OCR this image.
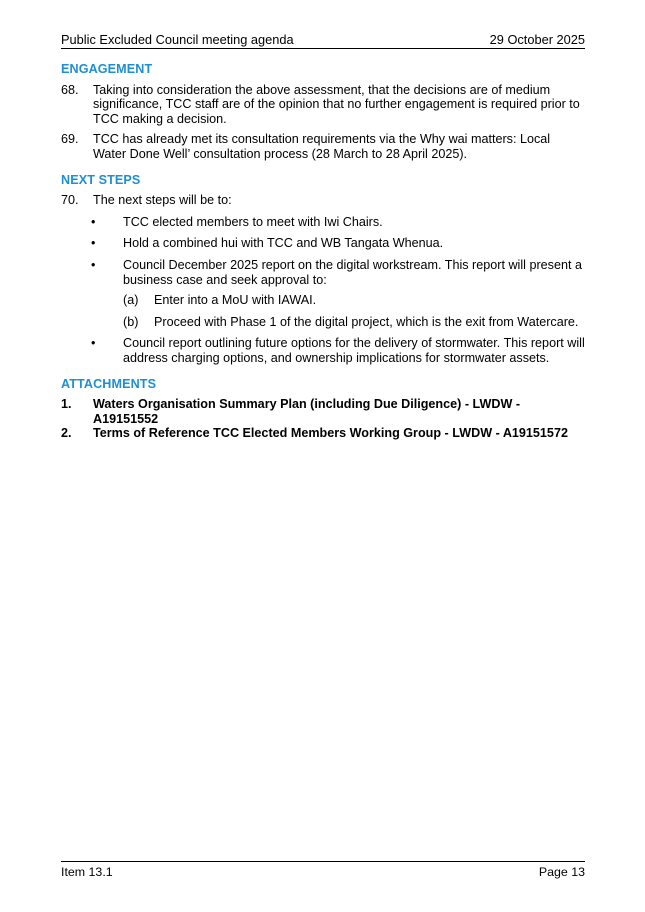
Public Excluded Council meeting agenda	29 October 2025
ENGAGEMENT
68. Taking into consideration the above assessment, that the decisions are of medium significance, TCC staff are of the opinion that no further engagement is required prior to TCC making a decision.
69. TCC has already met its consultation requirements via the Why wai matters: Local Water Done Well’ consultation process (28 March to 28 April 2025).
NEXT STEPS
70. The next steps will be to:
• TCC elected members to meet with Iwi Chairs.
• Hold a combined hui with TCC and WB Tangata Whenua.
• Council December 2025 report on the digital workstream. This report will present a business case and seek approval to:
(a) Enter into a MoU with IAWAI.
(b) Proceed with Phase 1 of the digital project, which is the exit from Watercare.
• Council report outlining future options for the delivery of stormwater. This report will address charging options, and ownership implications for stormwater assets.
ATTACHMENTS
1. Waters Organisation Summary Plan (including Due Diligence) - LWDW - A19151552
2. Terms of Reference TCC Elected Members Working Group - LWDW - A19151572
Item 13.1	Page 13
